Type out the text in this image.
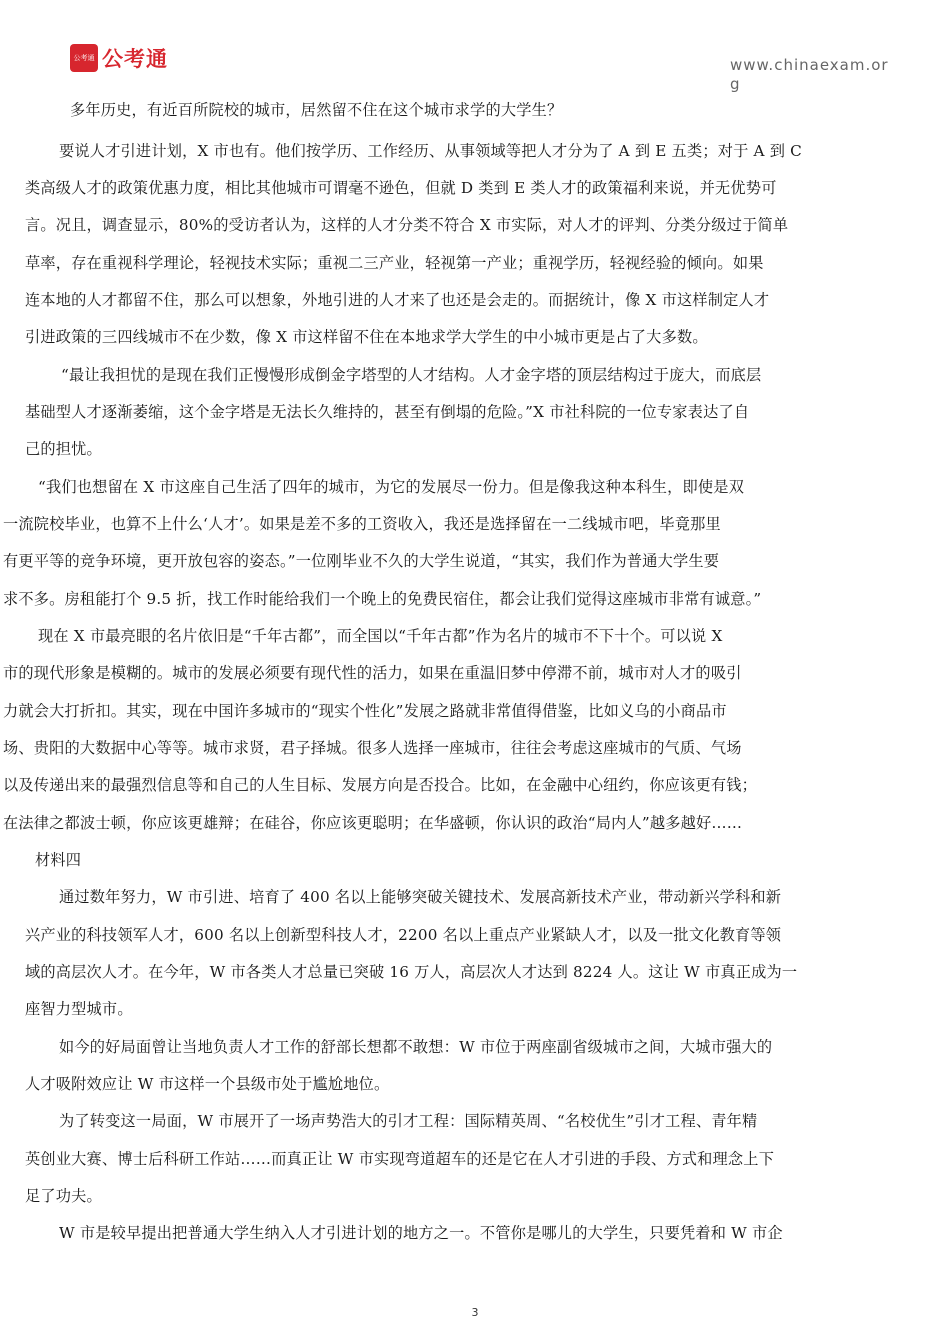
公考通 公考通	www.chinaexam.org
多年历史，有近百所院校的城市，居然留不住在这个城市求学的大学生？
要说人才引进计划，X 市也有。他们按学历、工作经历、从事领域等把人才分为了 A 到 E 五类；对于 A 到 C
类高级人才的政策优惠力度，相比其他城市可谓毫不逊色，但就 D 类到 E 类人才的政策福利来说，并无优势可
言。况且，调查显示，80%的受访者认为，这样的人才分类不符合 X 市实际，对人才的评判、分类分级过于简单
草率，存在重视科学理论，轻视技术实际；重视二三产业，轻视第一产业；重视学历，轻视经验的倾向。如果
连本地的人才都留不住，那么可以想象，外地引进的人才来了也还是会走的。而据统计，像 X 市这样制定人才
引进政策的三四线城市不在少数，像 X 市这样留不住在本地求学大学生的中小城市更是占了大多数。
“最让我担忧的是现在我们正慢慢形成倒金字塔型的人才结构。人才金字塔的顶层结构过于庞大，而底层
基础型人才逐渐萎缩，这个金字塔是无法长久维持的，甚至有倒塌的危险。”X 市社科院的一位专家表达了自
己的担忧。
“我们也想留在 X 市这座自己生活了四年的城市，为它的发展尽一份力。但是像我这种本科生，即使是双
一流院校毕业，也算不上什么‘人才’。如果是差不多的工资收入，我还是选择留在一二线城市吧，毕竟那里
有更平等的竞争环境，更开放包容的姿态。”一位刚毕业不久的大学生说道，“其实，我们作为普通大学生要
求不多。房租能打个 9.5 折，找工作时能给我们一个晚上的免费民宿住，都会让我们觉得这座城市非常有诚意。”
现在 X 市最亮眼的名片依旧是“千年古都”，而全国以“千年古都”作为名片的城市不下十个。可以说 X
市的现代形象是模糊的。城市的发展必须要有现代性的活力，如果在重温旧梦中停滞不前，城市对人才的吸引
力就会大打折扣。其实，现在中国许多城市的“现实个性化”发展之路就非常值得借鉴，比如义乌的小商品市
场、贵阳的大数据中心等等。城市求贤，君子择城。很多人选择一座城市，往往会考虑这座城市的气质、气场
以及传递出来的最强烈信息等和自己的人生目标、发展方向是否投合。比如，在金融中心纽约，你应该更有钱；
在法律之都波士顿，你应该更雄辩；在硅谷，你应该更聪明；在华盛顿，你认识的政治“局内人”越多越好……
材料四
通过数年努力，W 市引进、培育了 400 名以上能够突破关键技术、发展高新技术产业，带动新兴学科和新
兴产业的科技领军人才，600 名以上创新型科技人才，2200 名以上重点产业紧缺人才，以及一批文化教育等领
域的高层次人才。在今年，W 市各类人才总量已突破 16 万人，高层次人才达到 8224 人。这让 W 市真正成为一
座智力型城市。
如今的好局面曾让当地负责人才工作的舒部长想都不敢想：W 市位于两座副省级城市之间，大城市强大的
人才吸附效应让 W 市这样一个县级市处于尴尬地位。
为了转变这一局面，W 市展开了一场声势浩大的引才工程：国际精英周、“名校优生”引才工程、青年精
英创业大赛、博士后科研工作站……而真正让 W 市实现弯道超车的还是它在人才引进的手段、方式和理念上下
足了功夫。
W 市是较早提出把普通大学生纳入人才引进计划的地方之一。不管你是哪儿的大学生，只要凭着和 W 市企
3
